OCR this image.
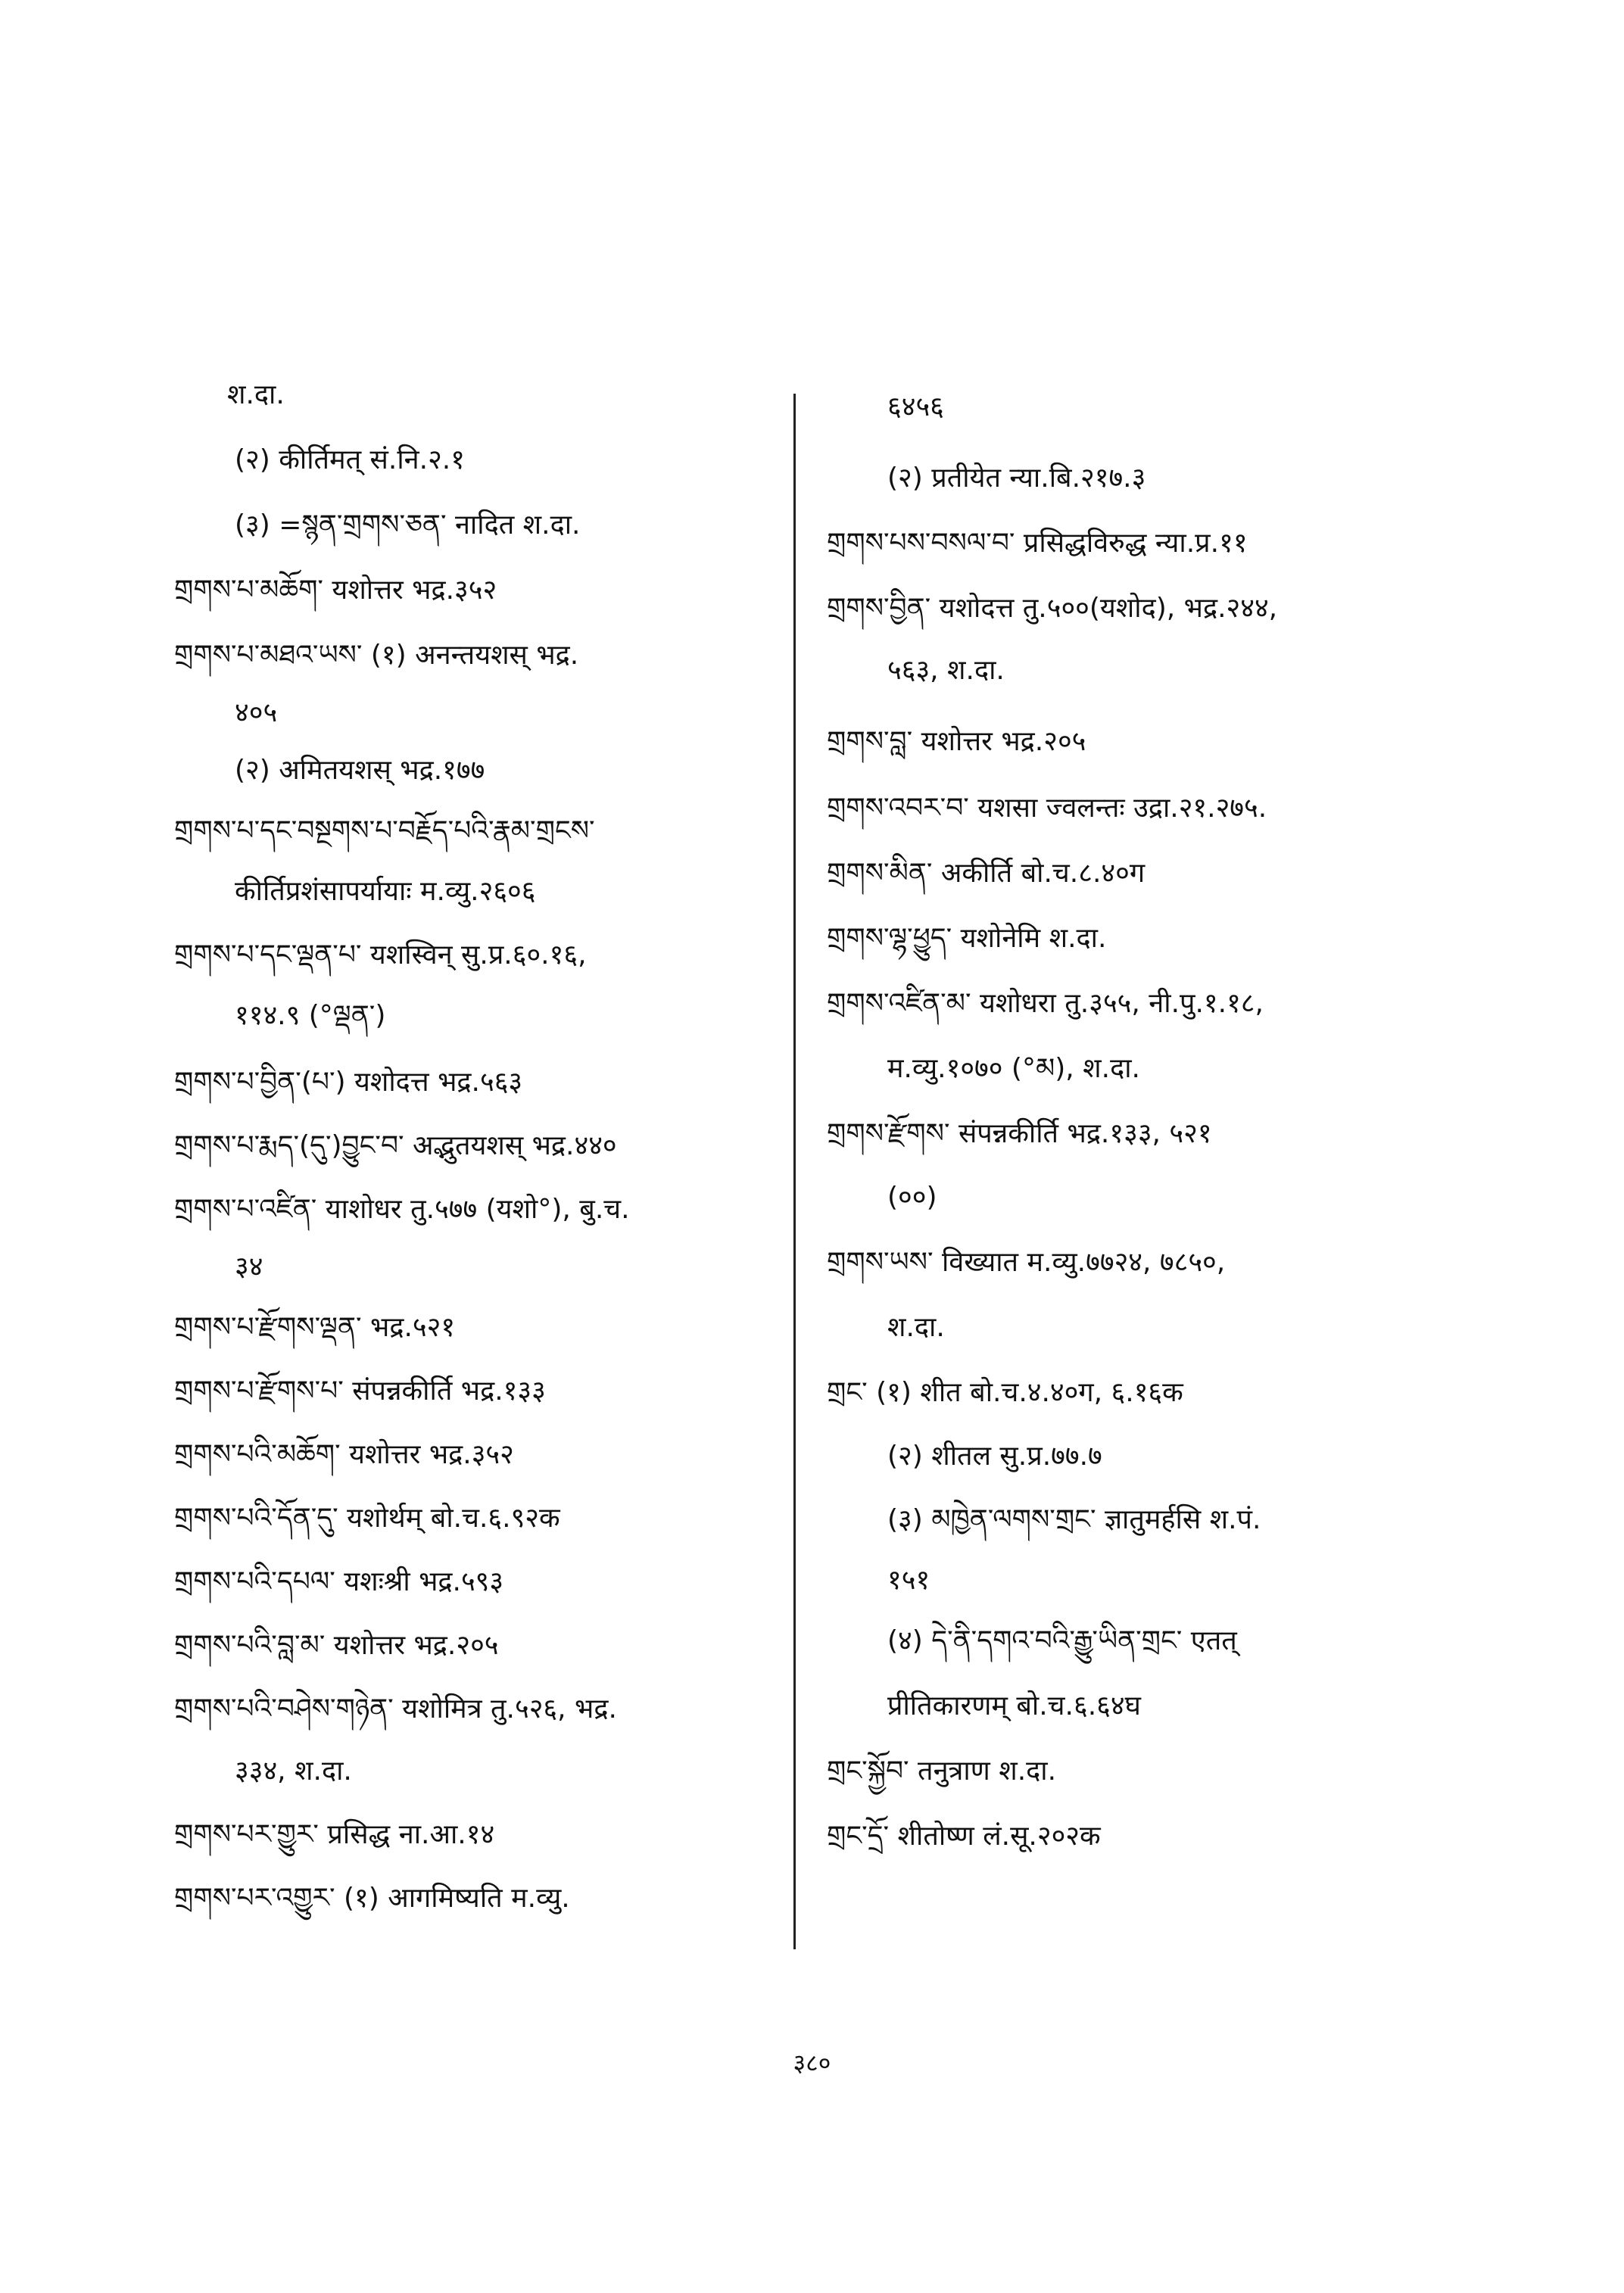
श.दा.
(२) कीर्तिमत् सं.नि.२.१
(३) =སྙན་གྲགས་ཅན་ नादित श.दा.
གྲགས་པ་མཆོག་ यशोत्तर भद्र.३५२
གྲགས་པ་མཐའ་ཡས་ (१) अनन्तयशस् भद्र.
४०५
(२) अमितयशस् भद्र.१७७
གྲགས་པ་དང་བསྔགས་པ་བརྗོད་པའི་རྣམ་གྲངས་
कीर्तिप्रशंसापर्यायाः म.व्यु.२६०६
གྲགས་པ་དང་ལྡན་པ་ यशस्विन् सु.प्र.६०.१६,
११४.९ (°ལྡན་)
གྲགས་པ་བྱིན་(པ་) यशोदत्त भद्र.५६३
གྲགས་པ་རྨད་(དུ་)བྱུང་བ་ अद्भुतयशस् भद्र.४४०
གྲགས་པ་འཛིན་ याशोधर तु.५७७ (यशो°), बु.च.
३४
གྲགས་པ་རྫོགས་ལྡན་ भद्र.५२१
གྲགས་པ་རྫོགས་པ་ संपन्नकीर्ति भद्र.१३३
གྲགས་པའི་མཆོག་ यशोत्तर भद्र.३५२
གྲགས་པའི་དོན་དུ་ यशोर्थम् बो.च.६.९२क
གྲགས་པའི་དཔལ་ यशःश्री भद्र.५९३
གྲགས་པའི་བླ་མ་ यशोत्तर भद्र.२०५
གྲགས་པའི་བཤེས་གཉེན་ यशोमित्र तु.५२६, भद्र.
३३४, श.दा.
གྲགས་པར་གྱུར་ प्रसिद्ध ना.आ.१४
གྲགས་པར་འགྱུར་ (१) आगमिष्यति म.व्यु.
६४५६
(२) प्रतीयेत न्या.बि.२१७.३
གྲགས་པས་བསལ་བ་ प्रसिद्धविरुद्ध न्या.प्र.११
གྲགས་བྱིན་ यशोदत्त तु.५००(यशोद), भद्र.२४४,
५६३, श.दा.
གྲགས་བླ་ यशोत्तर भद्र.२०५
གྲགས་འབར་བ་ यशसा ज्वलन्तः उद्रा.२१.२७५.
གྲགས་མིན་ अकीर्ति बो.च.८.४०ग
གྲགས་ལྷ་ཕྱུད་ यशोनेमि श.दा.
གྲགས་འཛིན་མ་ यशोधरा तु.३५५, नी.पु.१.१८,
म.व्यु.१०७० (°མ), श.दा.
གྲགས་རྫོགས་ संपन्नकीर्ति भद्र.१३३, ५२१
(००)
གྲགས་ཡས་ विख्यात म.व्यु.७७२४, ७८५०,
श.दा.
གྲང་ (१) शीत बो.च.४.४०ग, ६.१६क
(२) शीतल सु.प्र.७७.७
(३) མཁྱེན་ལགས་གྲང་ ज्ञातुमर्हसि श.पं.
१५१
(४) དེ་ནི་དགའ་བའི་རྒྱུ་ཡིན་གྲང་ एतत्
प्रीतिकारणम् बो.च.६.६४घ
གྲང་སྐྱོབ་ तनुत्राण श.दा.
གྲང་དྲོ་ शीतोष्ण लं.सू.२०२क
३८०
